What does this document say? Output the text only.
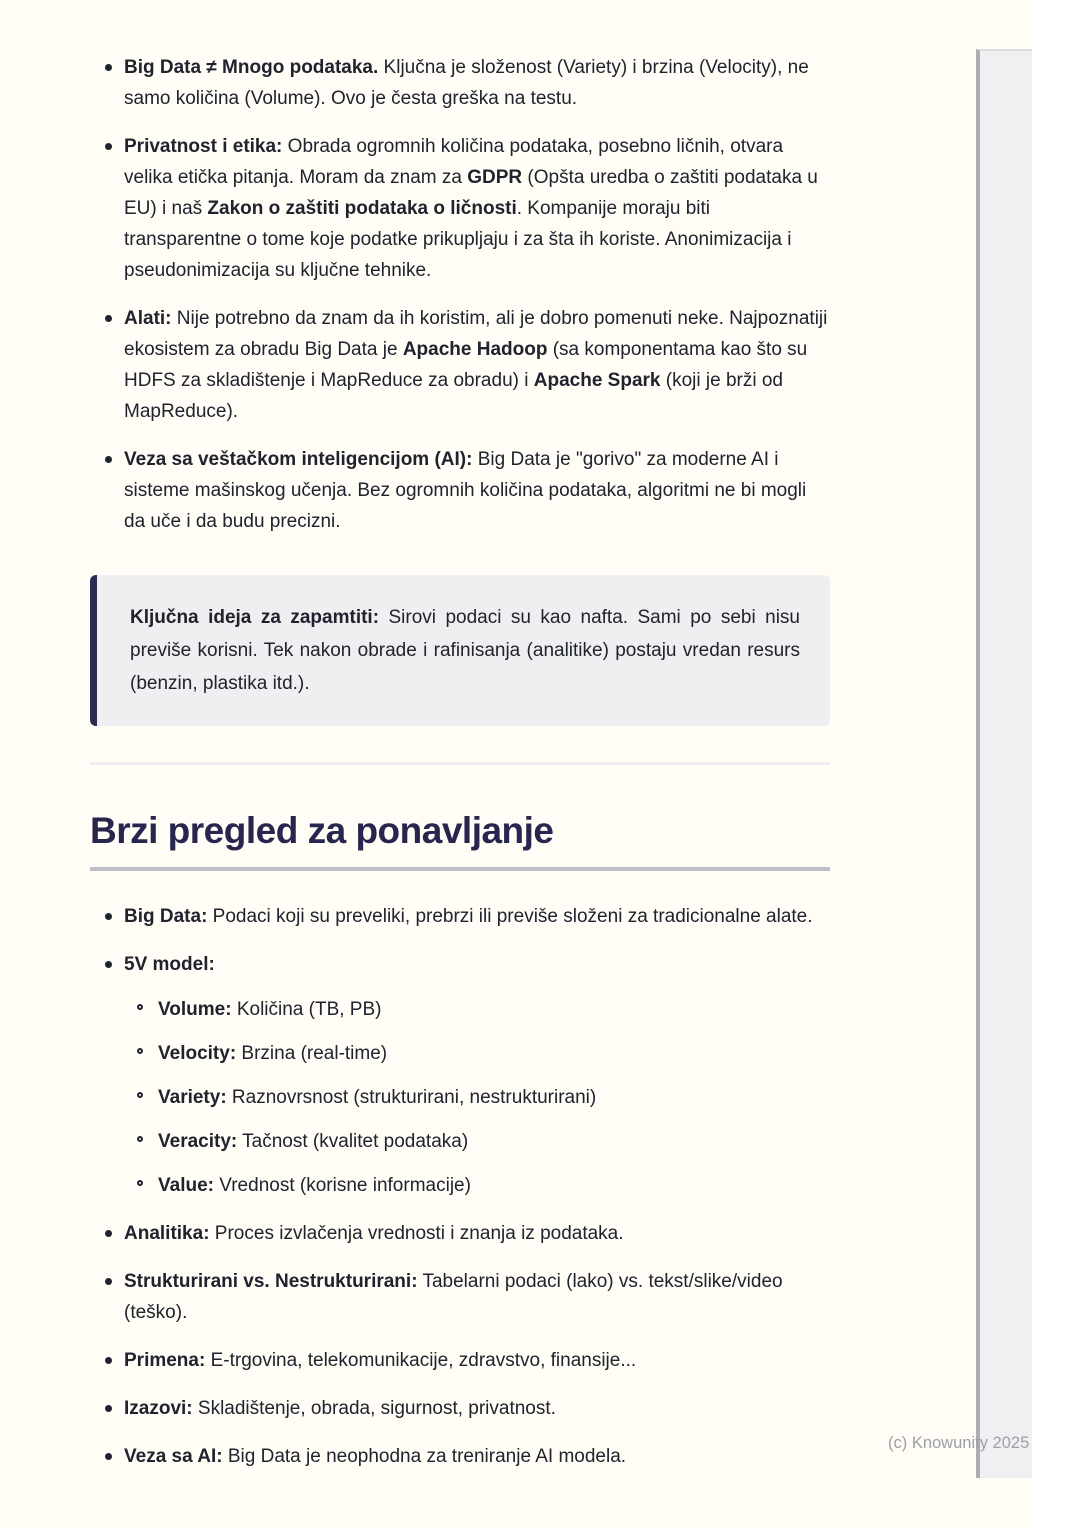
Big Data ≠ Mnogo podataka. Ključna je složenost (Variety) i brzina (Velocity), ne samo količina (Volume). Ovo je česta greška na testu.
Privatnost i etika: Obrada ogromnih količina podataka, posebno ličnih, otvara velika etička pitanja. Moram da znam za GDPR (Opšta uredba o zaštiti podataka u EU) i naš Zakon o zaštiti podataka o ličnosti. Kompanije moraju biti transparentne o tome koje podatke prikupljaju i za šta ih koriste. Anonimizacija i pseudonimizacija su ključne tehnike.
Alati: Nije potrebno da znam da ih koristim, ali je dobro pomenuti neke. Najpoznatiji ekosistem za obradu Big Data je Apache Hadoop (sa komponentama kao što su HDFS za skladištenje i MapReduce za obradu) i Apache Spark (koji je brži od MapReduce).
Veza sa veštačkom inteligencijom (AI): Big Data je "gorivo" za moderne AI i sisteme mašinskog učenja. Bez ogromnih količina podataka, algoritmi ne bi mogli da uče i da budu precizni.

Ključna ideja za zapamtiti: Sirovi podaci su kao nafta. Sami po sebi nisu previše korisni. Tek nakon obrade i rafinisanja (analitike) postaju vredan resurs (benzin, plastika itd.).

Brzi pregled za ponavljanje
Big Data: Podaci koji su preveliki, prebrzi ili previše složeni za tradicionalne alate.
5V model:
Volume: Količina (TB, PB)
Velocity: Brzina (real-time)
Variety: Raznovrsnost (strukturirani, nestrukturirani)
Veracity: Tačnost (kvalitet podataka)
Value: Vrednost (korisne informacije)
Analitika: Proces izvlačenja vrednosti i znanja iz podataka.
Strukturirani vs. Nestrukturirani: Tabelarni podaci (lako) vs. tekst/slike/video (teško).
Primena: E-trgovina, telekomunikacije, zdravstvo, finansije...
Izazovi: Skladištenje, obrada, sigurnost, privatnost.
Veza sa AI: Big Data je neophodna za treniranje AI modela.
(c) Knowunity 2025
